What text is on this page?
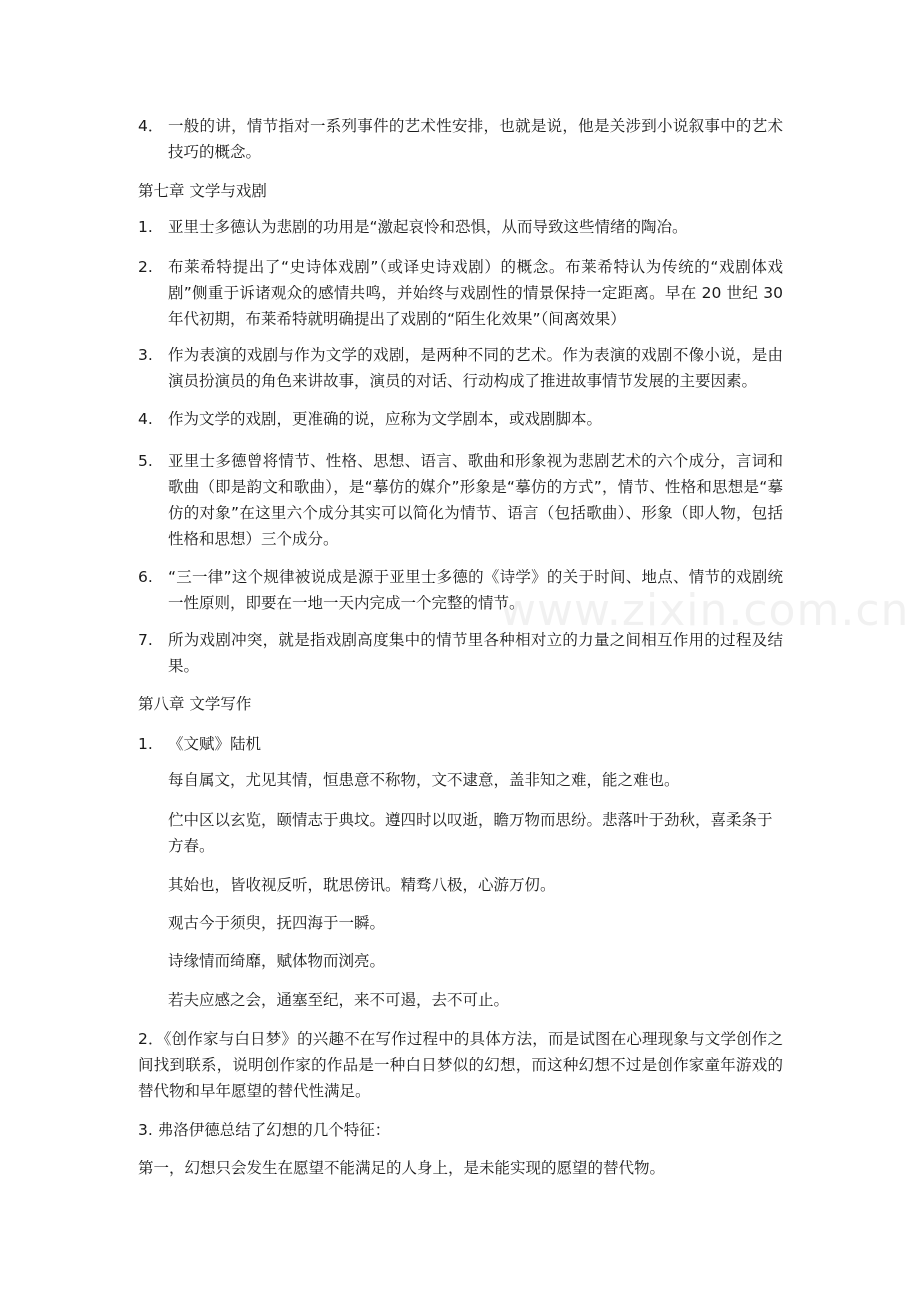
www.zixin.com.cn
4． 一般的讲，情节指对一系列事件的艺术性安排，也就是说，他是关涉到小说叙事中的艺术技巧的概念。
第七章 文学与戏剧
1. 亚里士多德认为悲剧的功用是“激起哀怜和恐惧，从而导致这些情绪的陶冶。
2. 布莱希特提出了“史诗体戏剧”（或译史诗戏剧）的概念。布莱希特认为传统的“戏剧体戏剧”侧重于诉诸观众的感情共鸣，并始终与戏剧性的情景保持一定距离。早在 20 世纪 30 年代初期，布莱希特就明确提出了戏剧的“陌生化效果”（间离效果）
3. 作为表演的戏剧与作为文学的戏剧，是两种不同的艺术。作为表演的戏剧不像小说，是由演员扮演员的角色来讲故事，演员的对话、行动构成了推进故事情节发展的主要因素。
4. 作为文学的戏剧，更准确的说，应称为文学剧本，或戏剧脚本。
5. 亚里士多德曾将情节、性格、思想、语言、歌曲和形象视为悲剧艺术的六个成分，言词和歌曲（即是韵文和歌曲），是“摹仿的媒介”形象是“摹仿的方式”，情节、性格和思想是“摹仿的对象”在这里六个成分其实可以简化为情节、语言（包括歌曲）、形象（即人物，包括性格和思想）三个成分。
6. “三一律”这个规律被说成是源于亚里士多德的《诗学》的关于时间、地点、情节的戏剧统一性原则，即要在一地一天内完成一个完整的情节。
7. 所为戏剧冲突，就是指戏剧高度集中的情节里各种相对立的力量之间相互作用的过程及结果。
第八章 文学写作
1. 《文赋》陆机
每自属文，尤见其情，恒患意不称物，文不逮意，盖非知之难，能之难也。
伫中区以玄览，颐情志于典坟。遵四时以叹逝，瞻万物而思纷。悲落叶于劲秋，喜柔条于方春。
其始也，皆收视反听，耽思傍讯。精骛八极，心游万仞。
观古今于须臾，抚四海于一瞬。
诗缘情而绮靡，赋体物而浏亮。
若夫应感之会，通塞至纪，来不可遏，去不可止。
2．《创作家与白日梦》的兴趣不在写作过程中的具体方法，而是试图在心理现象与文学创作之间找到联系，说明创作家的作品是一种白日梦似的幻想，而这种幻想不过是创作家童年游戏的替代物和早年愿望的替代性满足。
3. 弗洛伊德总结了幻想的几个特征：
第一，幻想只会发生在愿望不能满足的人身上，是未能实现的愿望的替代物。
